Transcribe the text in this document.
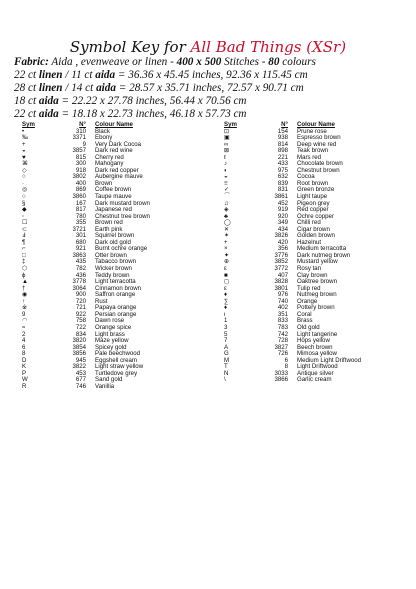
Symbol Key for All Bad Things (XSr)
Fabric: Aida , evenweave or linen - 400 x 500 Stitches - 80 colours
22 ct linen / 11 ct aida = 36.36 x 45.45 inches, 92.36 x 115.45 cm
28 ct linen / 14 ct aida = 28.57 x 35.71 inches, 72.57 x 90.71 cm
18 ct aida = 22.22 x 27.78 inches, 56.44 x 70.56 cm
22 ct aida = 18.18 x 22.73 inches, 46.18 x 57.73 cm
Sym	N° Colour Name
•	310 Black
‰	3371 Ebony
+	9 Very Dark Cocoa
◒	3857 Dark red wine
♥	815 Cherry red
⌘	300 Mahogany
◇	918 Dark red copper
○	3802 Aubergine mauve
·	400 Brown
◎	869 Coffee brown
○	3860 Taupe mauve
§	167 Dark mustard brown
◆	817 Japanese red
◦	780 Chestnut tree brown
☐	355 Brown red
⊂	3721 Earth pink
Ⅎ	301 Squirrel brown
¶	680 Dark old gold
⌐	921 Burnt ochre orange
□	3863 Otter brown
‡	435 Tabacco brown
⬡	782 Wicker brown
ϕ	436 Teddy brown
▲	3778 Light terracotta
†	3064 Cinnamon brown
◉	900 Saffron orange
↑	720 Rust
※	721 Papaya orange
9	922 Persian orange
◠	758 Dawn rose
≈	722 Orange spice
2	834 Light brass
4	3820 Maze yellow
6	3854 Spicey gold
8	3856 Pale beechwood
D	945 Eggshell cream
K	3822 Light straw yellow
P	453 Turtledove grey
W	677 Sand gold
R	746 Vanillia
Sym	N° Colour Name
⊡	154 Prune rose
▣	938 Espresso brown
∞	814 Deep wine red
⊠	898 Teak brown
ℓ	221 Mars red
♪	433 Chocolate brown
◐	975 Chestnut brown
◒	632 Cocoa
≡	839 Root brown
✓	831 Green bronze
⌒	3861 Light taupe
♫	452 Pigeon grey
◈	919 Red copper
♣	920 Ochre copper
◯	349 Chilli red
✕	434 Cigar brown
✶	3826 Golden brown
+	420 Hazelnut
×	356 Medium terracotta
✦	3776 Dark nutmeg brown
⊕	3852 Mustard yellow
ε	3772 Rosy tan
■	407 Clay brown
◻	3828 Oaktree brown
ε	3801 Tulip red
♦	976 Nutmeg brown
∑	740 Orange
♦	402 Pottery brown
ι	351 Coral
1	833 Brass
3	783 Old gold
5	742 Light tangerine
7	728 Hops yellow
A	3827 Beech brown
G	726 Mimosa yellow
M	6 Medium Light Driftwood
T	8 Light Driftwood
N	3033 Antique silver
\	3866 Garlic cream
